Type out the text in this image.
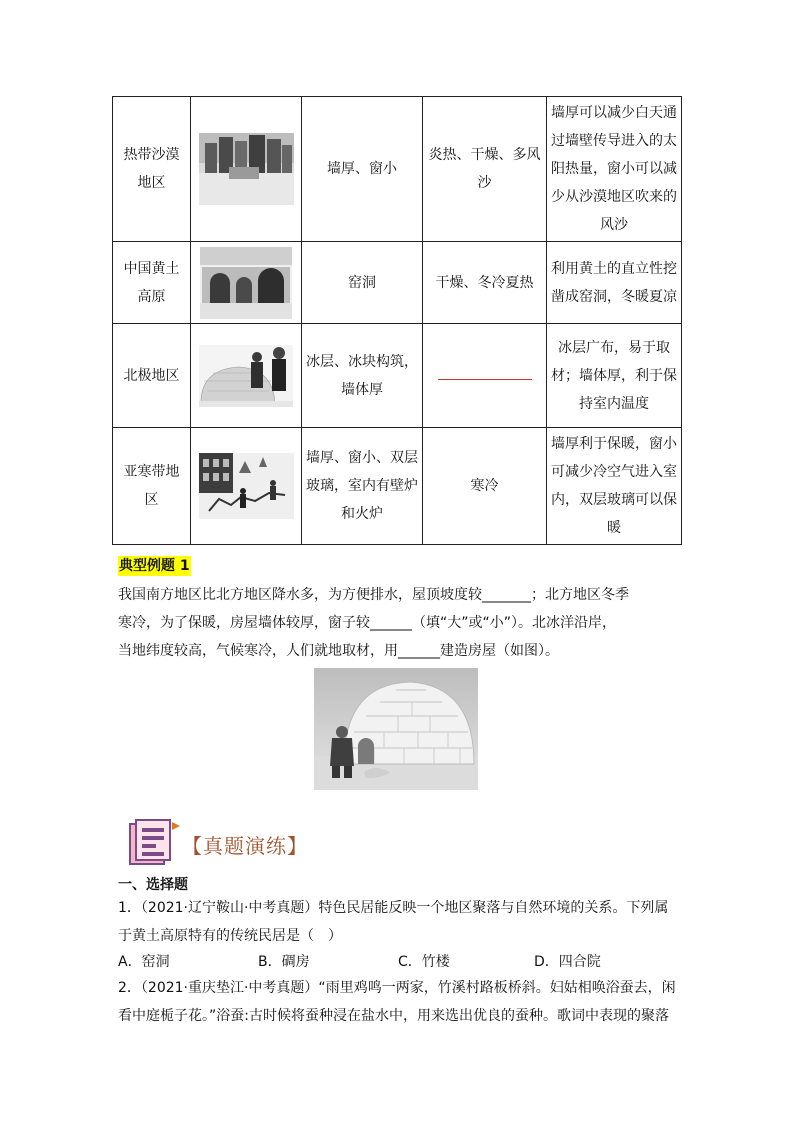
热带沙漠地区		墙厚、窗小	炎热、干燥、多风沙	墙厚可以减少白天通过墙壁传导进入的太阳热量，窗小可以减少从沙漠地区吹来的风沙
中国黄土高原		窑洞	干燥、冬冷夏热	利用黄土的直立性挖凿成窑洞，冬暖夏凉
北极地区		冰层、冰块构筑，墙体厚		冰层广布，易于取材；墙体厚，利于保持室内温度
亚寒带地区		墙厚、窗小、双层玻璃，室内有壁炉和火炉	寒冷	墙厚利于保暖，窗小可减少冷空气进入室内，双层玻璃可以保暖
典型例题 1
我国南方地区比北方地区降水多，为方便排水，屋顶坡度较_______；北方地区冬季
寒冷，为了保暖，房屋墙体较厚，窗子较______（填“大”或“小”）。北冰洋沿岸，
当地纬度较高，气候寒冷，人们就地取材，用______建造房屋（如图）。
【真题演练】
一、选择题
1．（2021·辽宁鞍山·中考真题）特色民居能反映一个地区聚落与自然环境的关系。下列属
于黄土高原特有的传统民居是（　）
A．窑洞	B．碉房	C．竹楼	D．四合院
2．（2021·重庆垫江·中考真题）“雨里鸡鸣一两家，竹溪村路板桥斜。妇姑相唤浴蚕去，闲
看中庭栀子花。”浴蚕:古时候将蚕种浸在盐水中，用来选出优良的蚕种。歌词中表现的聚落
